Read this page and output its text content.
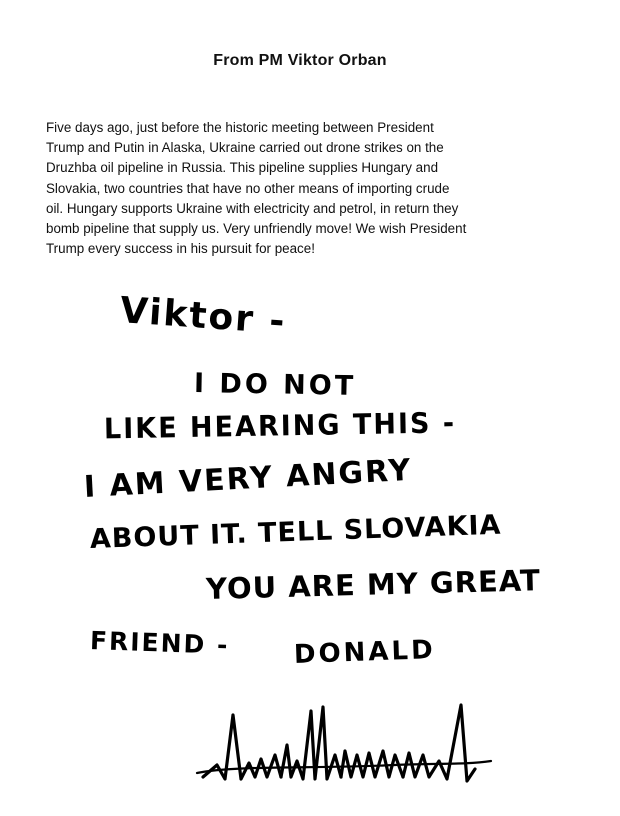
From PM Viktor Orban

Five days ago, just before the historic meeting between President

Trump and Putin in Alaska, Ukraine carried out drone strikes on the

Druzhba oil pipeline in Russia. This pipeline supplies Hungary and

Slovakia, two countries that have no other means of importing crude

oil. Hungary supports Ukraine with electricity and petrol, in return they

bomb pipeline that supply us. Very unfriendly move! We wish President

Trump every success in his pursuit for peace!

Viktor -
I DO NOT
LIKE HEARING THIS -
I AM VERY ANGRY
ABOUT IT. TELL SLOVAKIA
YOU ARE MY GREAT
FRIEND - DONALD
